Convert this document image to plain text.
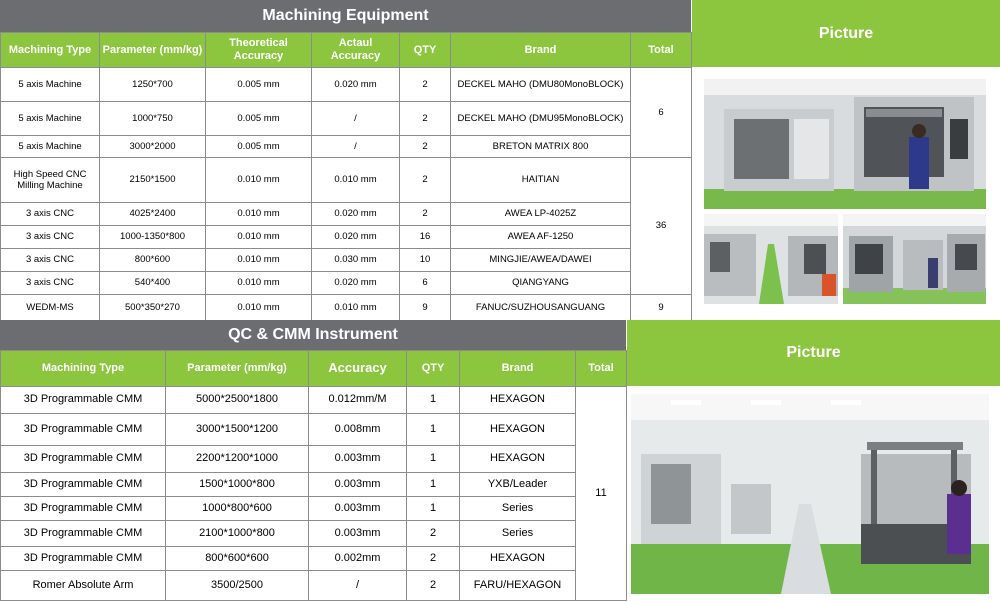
Machining Equipment
Picture
Machining Type	Parameter (mm/kg)	Theoretical Accuracy	Actaul Accuracy	QTY	Brand	Total
5 axis Machine	1250*700	0.005 mm	0.020 mm	2	DECKEL MAHO (DMU80MonoBLOCK)	6
5 axis Machine	1000*750	0.005 mm	/	2	DECKEL MAHO (DMU95MonoBLOCK)	
5 axis Machine	3000*2000	0.005 mm	/	2	BRETON MATRIX 800	
High Speed CNC Milling Machine	2150*1500	0.010 mm	0.010 mm	2	HAITIAN	36
3 axis CNC	4025*2400	0.010 mm	0.020 mm	2	AWEA LP-4025Z	
3 axis CNC	1000-1350*800	0.010 mm	0.020 mm	16	AWEA AF-1250	
3 axis CNC	800*600	0.010 mm	0.030 mm	10	MINGJIE/AWEA/DAWEI	
3 axis CNC	540*400	0.010 mm	0.020 mm	6	QIANGYANG	
WEDM-MS	500*350*270	0.010 mm	0.010 mm	9	FANUC/SUZHOUSANGUANG	9
QC & CMM Instrument
Picture
Machining Type	Parameter (mm/kg)	Accuracy	QTY	Brand	Total
3D Programmable CMM	5000*2500*1800	0.012mm/M	1	HEXAGON	11
3D Programmable CMM	3000*1500*1200	0.008mm	1	HEXAGON	
3D Programmable CMM	2200*1200*1000	0.003mm	1	HEXAGON	
3D Programmable CMM	1500*1000*800	0.003mm	1	YXB/Leader	
3D Programmable CMM	1000*800*600	0.003mm	1	Series	
3D Programmable CMM	2100*1000*800	0.003mm	2	Series	
3D Programmable CMM	800*600*600	0.002mm	2	HEXAGON	
Romer Absolute Arm	3500/2500	/	2	FARU/HEXAGON	
